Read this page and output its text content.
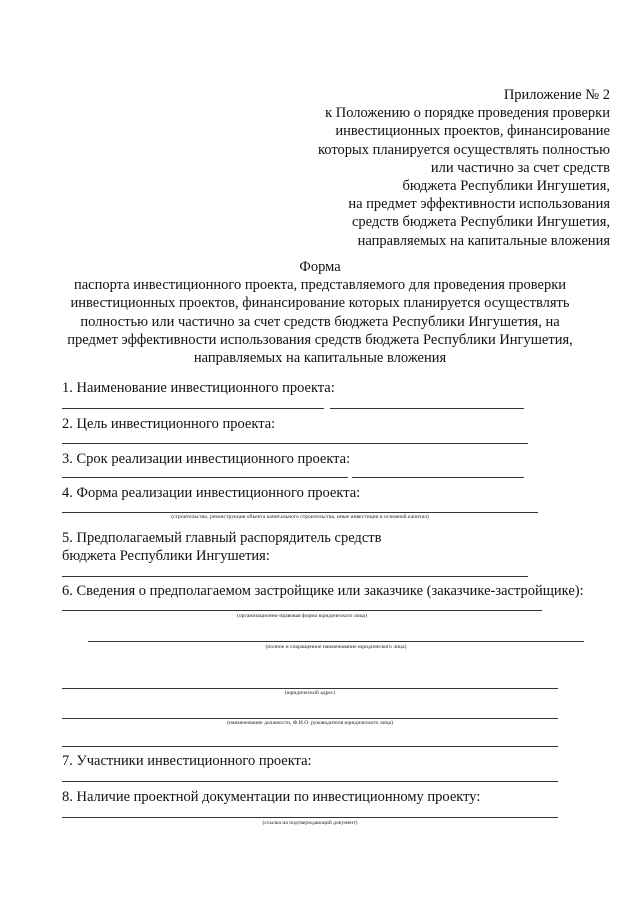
Приложение № 2
к Положению о порядке проведения проверки
инвестиционных проектов, финансирование
которых планируется осуществлять полностью
или частично за счет средств
бюджета Республики Ингушетия,
на предмет эффективности использования
средств бюджета Республики Ингушетия,
направляемых на капитальные вложения
Форма
паспорта инвестиционного проекта, представляемого для проведения проверки
инвестиционных проектов, финансирование которых планируется осуществлять
полностью или частично за счет средств бюджета Республики Ингушетия, на
предмет эффективности использования средств бюджета Республики Ингушетия,
направляемых на капитальные вложения
1. Наименование инвестиционного проекта:
2. Цель инвестиционного проекта:
3. Срок реализации инвестиционного проекта:
4. Форма реализации инвестиционного проекта:
(строительство, реконструкция объекта капитального строительства, иные инвестиции в основной капитал)
5. Предполагаемый главный распорядитель средств
бюджета Республики Ингушетия:
6. Сведения о предполагаемом застройщике или заказчике (заказчике-застройщике):
(организационно-правовая форма юридического лица)
(полное и сокращенное наименование юридического лица)
(юридический адрес)
(наименование должности, Ф.И.О. руководителя юридического лица)
7. Участники инвестиционного проекта:
8. Наличие проектной документации по инвестиционному проекту:
(ссылка на подтверждающий документ)
